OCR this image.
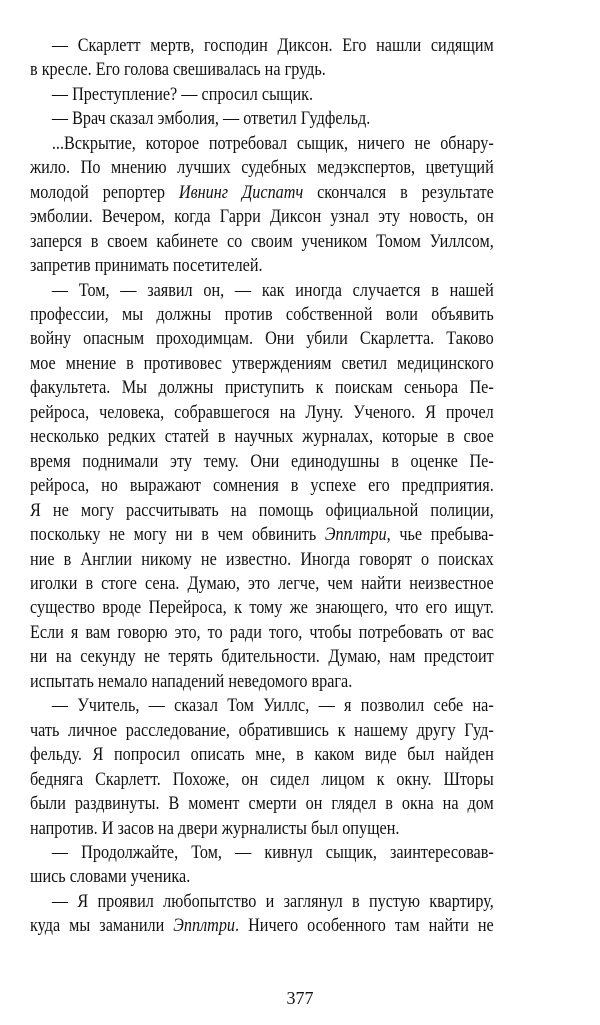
— Скарлетт мертв, господин Диксон. Его нашли сидящим
в кресле. Его голова свешивалась на грудь.
— Преступление? — спросил сыщик.
— Врач сказал эмболия, — ответил Гудфельд.
...Вскрытие, которое потребовал сыщик, ничего не обнару-
жило. По мнению лучших судебных медэкспертов, цветущий
молодой репортер Ивнинг Диспатч скончался в результате
эмболии. Вечером, когда Гарри Диксон узнал эту новость, он
заперся в своем кабинете со своим учеником Томом Уиллсом,
запретив принимать посетителей.
— Том, — заявил он, — как иногда случается в нашей
профессии, мы должны против собственной воли объявить
войну опасным проходимцам. Они убили Скарлетта. Таково
мое мнение в противовес утверждениям светил медицинского
факультета. Мы должны приступить к поискам сеньора Пе-
рейроса, человека, собравшегося на Луну. Ученого. Я прочел
несколько редких статей в научных журналах, которые в свое
время поднимали эту тему. Они единодушны в оценке Пе-
рейроса, но выражают сомнения в успехе его предприятия.
Я не могу рассчитывать на помощь официальной полиции,
поскольку не могу ни в чем обвинить Эпплтри, чье пребыва-
ние в Англии никому не известно. Иногда говорят о поисках
иголки в стоге сена. Думаю, это легче, чем найти неизвестное
существо вроде Перейроса, к тому же знающего, что его ищут.
Если я вам говорю это, то ради того, чтобы потребовать от вас
ни на секунду не терять бдительности. Думаю, нам предстоит
испытать немало нападений неведомого врага.
— Учитель, — сказал Том Уиллс, — я позволил себе на-
чать личное расследование, обратившись к нашему другу Гуд-
фельду. Я попросил описать мне, в каком виде был найден
бедняга Скарлетт. Похоже, он сидел лицом к окну. Шторы
были раздвинуты. В момент смерти он глядел в окна на дом
напротив. И засов на двери журналисты был опущен.
— Продолжайте, Том, — кивнул сыщик, заинтересовав-
шись словами ученика.
— Я проявил любопытство и заглянул в пустую квартиру,
куда мы заманили Эпплтри. Ничего особенного там найти не
377
